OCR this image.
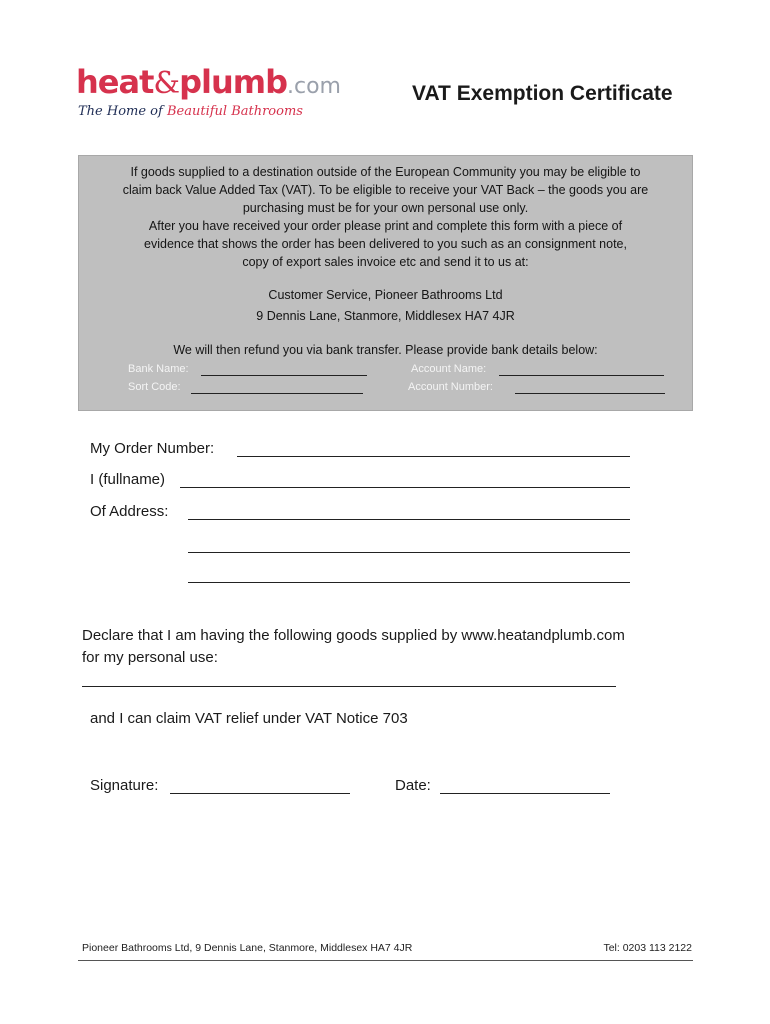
heat&plumb.com
The Home of Beautiful Bathrooms
VAT Exemption Certificate
If goods supplied to a destination outside of the European Community you may be eligible to
claim back Value Added Tax (VAT). To be eligible to receive your VAT Back – the goods you are
purchasing must be for your own personal use only.
After you have received your order please print and complete this form with a piece of
evidence that shows the order has been delivered to you such as an consignment note,
copy of export sales invoice etc and send it to us at:
Customer Service, Pioneer Bathrooms Ltd
9 Dennis Lane, Stanmore, Middlesex HA7 4JR
We will then refund you via bank transfer. Please provide bank details below:
Bank Name:	Account Name:
Sort Code:	Account Number:
My Order Number:
I (fullname)
Of Address:
Declare that I am having the following goods supplied by www.heatandplumb.com
for my personal use:
and I can claim VAT relief under VAT Notice 703
Signature:	Date:
Pioneer Bathrooms Ltd, 9 Dennis Lane, Stanmore, Middlesex HA7 4JR	Tel: 0203 113 2122
